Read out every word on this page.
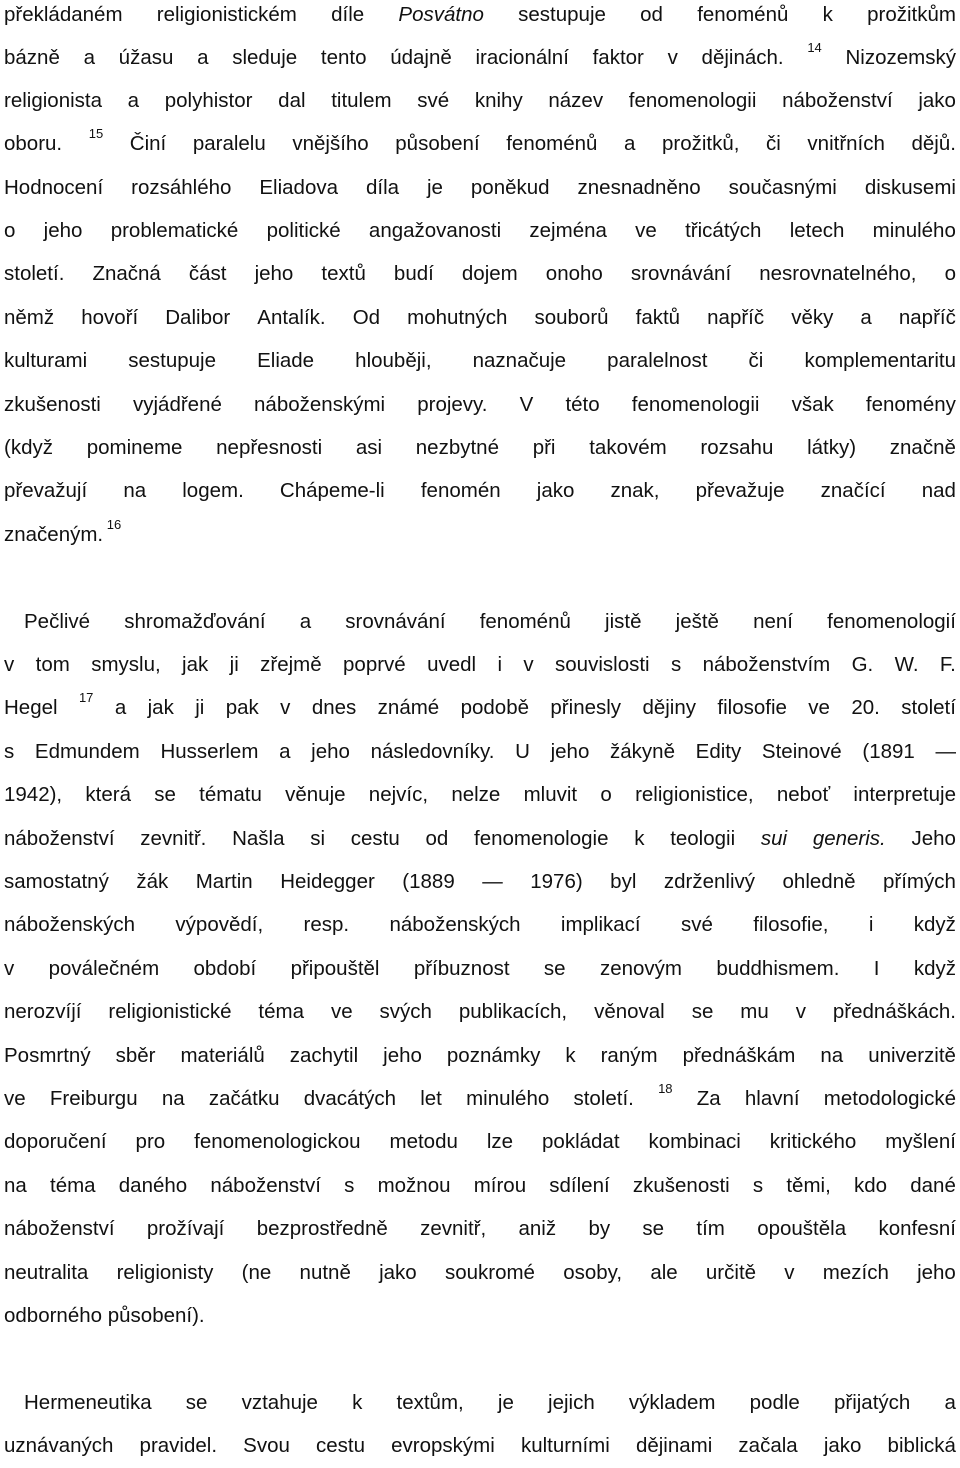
překládaném religionistickém díle Posvátno sestupuje od fenoménů k prožitkům
bázně a úžasu a sleduje tento údajně iracionální faktor v dějinách. 14 Nizozemský
religionista a polyhistor dal titulem své knihy název fenomenologii náboženství jako
oboru. 15 Činí paralelu vnějšího působení fenoménů a prožitků, či vnitřních dějů.
Hodnocení rozsáhlého Eliadova díla je poněkud znesnadněno současnými diskusemi
o jeho problematické politické angažovanosti zejména ve třicátých letech minulého
století. Značná část jeho textů budí dojem onoho srovnávání nesrovnatelného, o
němž hovoří Dalibor Antalík. Od mohutných souborů faktů napříč věky a napříč
kulturami sestupuje Eliade hlouběji, naznačuje paralelnost či komplementaritu
zkušenosti vyjádřené náboženskými projevy. V této fenomenologii však fenomény
(když pomineme nepřesnosti asi nezbytné při takovém rozsahu látky) značně
převažují na logem. Chápeme-li fenomén jako znak, převažuje značící nad
značeným. 16
Pečlivé shromažďování a srovnávání fenoménů jistě ještě není fenomenologií
v tom smyslu, jak ji zřejmě poprvé uvedl i v souvislosti s náboženstvím G. W. F.
Hegel 17 a jak ji pak v dnes známé podobě přinesly dějiny filosofie ve 20. století
s Edmundem Husserlem a jeho následovníky. U jeho žákyně Edity Steinové (1891 —
1942), která se tématu věnuje nejvíc, nelze mluvit o religionistice, neboť interpretuje
náboženství zevnitř. Našla si cestu od fenomenologie k teologii sui generis. Jeho
samostatný žák Martin Heidegger (1889 — 1976) byl zdrženlivý ohledně přímých
náboženských výpovědí, resp. náboženských implikací své filosofie, i když
v poválečném období připouštěl příbuznost se zenovým buddhismem. I když
nerozvíjí religionistické téma ve svých publikacích, věnoval se mu v přednáškách.
Posmrtný sběr materiálů zachytil jeho poznámky k raným přednáškám na univerzitě
ve Freiburgu na začátku dvacátých let minulého století. 18 Za hlavní metodologické
doporučení pro fenomenologickou metodu lze pokládat kombinaci kritického myšlení
na téma daného náboženství s možnou mírou sdílení zkušenosti s těmi, kdo dané
náboženství prožívají bezprostředně zevnitř, aniž by se tím opouštěla konfesní
neutralita religionisty (ne nutně jako soukromé osoby, ale určitě v mezích jeho
odborného působení).
Hermeneutika se vztahuje k textům, je jejich výkladem podle přijatých a
uznávaných pravidel. Svou cestu evropskými kulturními dějinami začala jako biblická
